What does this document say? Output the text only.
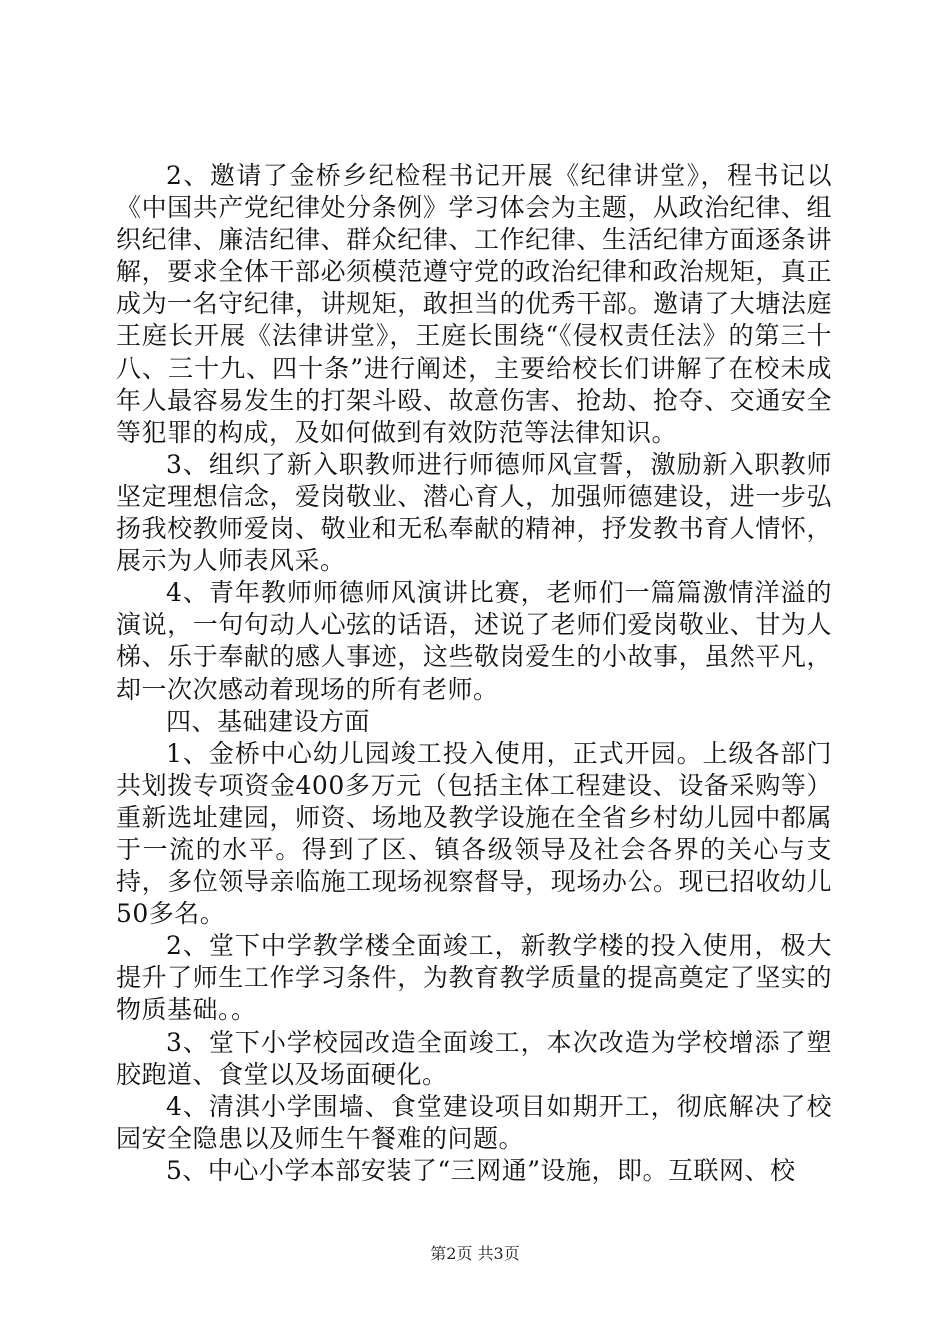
2、邀请了金桥乡纪检程书记开展《纪律讲堂》，程书记以《中国共产党纪律处分条例》学习体会为主题，从政治纪律、组织纪律、廉洁纪律、群众纪律、工作纪律、生活纪律方面逐条讲解，要求全体干部必须模范遵守党的政治纪律和政治规矩，真正成为一名守纪律，讲规矩，敢担当的优秀干部。邀请了大塘法庭王庭长开展《法律讲堂》，王庭长围绕“《侵权责任法》的第三十八、三十九、四十条”进行阐述，主要给校长们讲解了在校未成年人最容易发生的打架斗殴、故意伤害、抢劫、抢夺、交通安全等犯罪的构成，及如何做到有效防范等法律知识。

3、组织了新入职教师进行师德师风宣誓，激励新入职教师坚定理想信念，爱岗敬业、潜心育人，加强师德建设，进一步弘扬我校教师爱岗、敬业和无私奉献的精神，抒发教书育人情怀，展示为人师表风采。

4、青年教师师德师风演讲比赛，老师们一篇篇激情洋溢的演说，一句句动人心弦的话语，述说了老师们爱岗敬业、甘为人梯、乐于奉献的感人事迹，这些敬岗爱生的小故事，虽然平凡，却一次次感动着现场的所有老师。

四、基础建设方面

1、金桥中心幼儿园竣工投入使用，正式开园。上级各部门共划拨专项资金400多万元（包括主体工程建设、设备采购等）重新选址建园，师资、场地及教学设施在全省乡村幼儿园中都属于一流的水平。得到了区、镇各级领导及社会各界的关心与支持，多位领导亲临施工现场视察督导，现场办公。现已招收幼儿50多名。

2、堂下中学教学楼全面竣工，新教学楼的投入使用，极大提升了师生工作学习条件，为教育教学质量的提高奠定了坚实的物质基础。。

3、堂下小学校园改造全面竣工，本次改造为学校增添了塑胶跑道、食堂以及场面硬化。

4、清淇小学围墙、食堂建设项目如期开工，彻底解决了校园安全隐患以及师生午餐难的问题。

5、中心小学本部安装了“三网通”设施，即。互联网、校

第2页 共3页
